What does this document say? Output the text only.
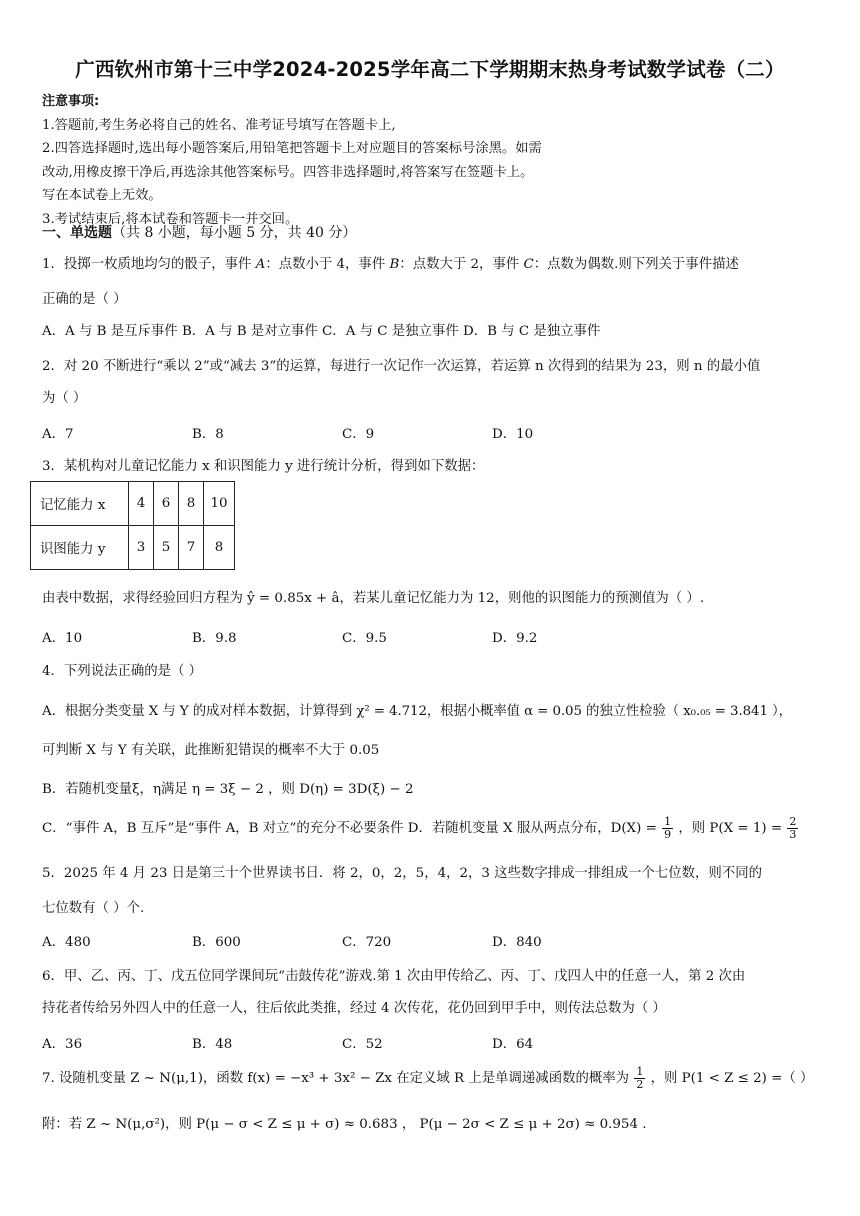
广西钦州市第十三中学2024-2025学年高二下学期期末热身考试数学试卷（二）
注意事项:
1.答题前,考生务必将自己的姓名、准考证号填写在答题卡上,
2.四答选择题时,选出每小题答案后,用铅笔把答题卡上对应题目的答案标号涂黑。如需
改动,用橡皮擦干净后,再选涂其他答案标号。四答非选择题时,将答案写在签题卡上。
写在本试卷上无效。
3.考试结束后,将本试卷和答题卡一并交回。
一、单选题（共 8 小题，每小题 5 分，共 40 分）
1．投掷一枚质地均匀的骰子，事件 A：点数小于 4，事件 B：点数大于 2，事件 C：点数为偶数.则下列关于事件描述
正确的是（ ）
A．A 与 B 是互斥事件 B．A 与 B 是对立事件 C．A 与 C 是独立事件 D．B 与 C 是独立事件
2．对 20 不断进行“乘以 2”或“减去 3”的运算，每进行一次记作一次运算，若运算 n 次得到的结果为 23，则 n 的最小值
为（ ）
A．7	B．8	C．9	D．10
3．某机构对儿童记忆能力 x 和识图能力 y 进行统计分析，得到如下数据：
记忆能力 x	4	6	8	10
识图能力 y	3	5	7	8
由表中数据，求得经验回归方程为 ŷ = 0.85x + â，若某儿童记忆能力为 12，则他的识图能力的预测值为（ ）.
A．10	B．9.8	C．9.5	D．9.2
4．下列说法正确的是（ ）
A．根据分类变量 X 与 Y 的成对样本数据，计算得到 χ² = 4.712，根据小概率值 α = 0.05 的独立性检验（ x₀.₀₅ = 3.841 ），
可判断 X 与 Y 有关联，此推断犯错误的概率不大于 0.05
B．若随机变量ξ，η满足 η = 3ξ − 2 ，则 D(η) = 3D(ξ) − 2
C．“事件 A，B 互斥”是“事件 A，B 对立”的充分不必要条件 D．若随机变量 X 服从两点分布，$D(X) = \frac{1}{9}$ ，则 $P(X = 1) = \frac{2}{3}$
5．2025 年 4 月 23 日是第三十个世界读书日．将 2，0，2，5，4，2，3 这些数字排成一排组成一个七位数，则不同的
七位数有（ ）个.
A．480	B．600	C．720	D．840
6．甲、乙、丙、丁、戊五位同学课间玩“击鼓传花”游戏.第 1 次由甲传给乙、丙、丁、戊四人中的任意一人，第 2 次由
持花者传给另外四人中的任意一人，往后依此类推，经过 4 次传花，花仍回到甲手中，则传法总数为（ ）
A．36	B．48	C．52	D．64
7. 设随机变量 Z ~ N(μ,1)，函数 f(x) = −x³ + 3x² − Zx 在定义域 R 上是单调递减函数的概率为 $\frac{1}{2}$ ，则 P(1 < Z ≤ 2) =（ ）
附：若 Z ~ N(μ,σ²)，则 P(μ − σ < Z ≤ μ + σ) ≈ 0.683 ， P(μ − 2σ < Z ≤ μ + 2σ) ≈ 0.954 .
